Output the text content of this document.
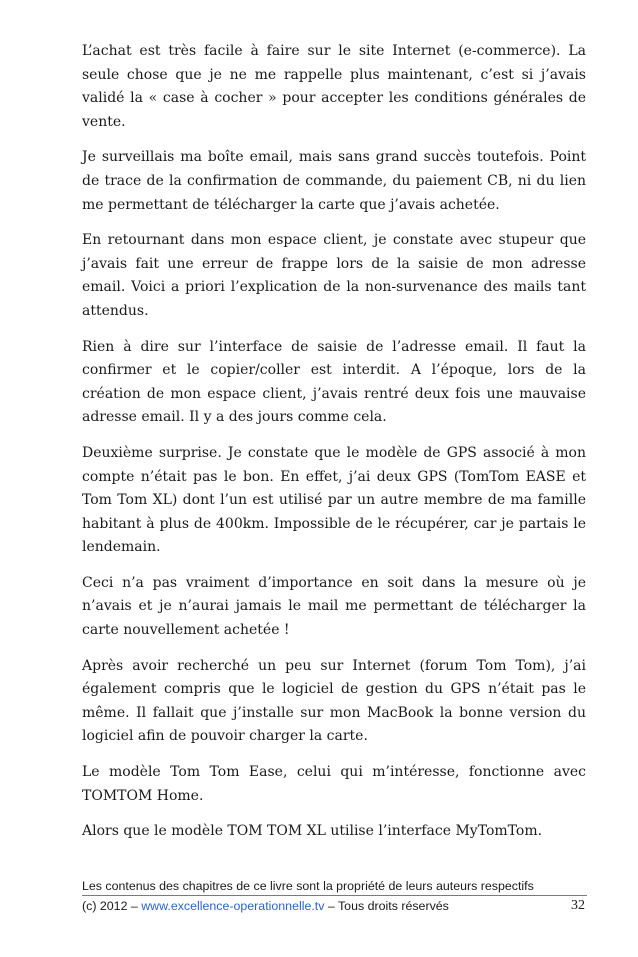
L’achat est très facile à faire sur le site Internet (e-commerce). La seule chose que je ne me rappelle plus maintenant, c’est si j’avais validé la « case à cocher » pour accepter les conditions générales de vente.

Je surveillais ma boîte email, mais sans grand succès toutefois. Point de trace de la confirmation de commande, du paiement CB, ni du lien me permettant de télécharger la carte que j’avais achetée.

En retournant dans mon espace client, je constate avec stupeur que j’avais fait une erreur de frappe lors de la saisie de mon adresse email. Voici a priori l’explication de la non-survenance des mails tant attendus.

Rien à dire sur l’interface de saisie de l’adresse email. Il faut la confirmer et le copier/coller est interdit. A l’époque, lors de la création de mon espace client, j’avais rentré deux fois une mauvaise adresse email. Il y a des jours comme cela.

Deuxième surprise. Je constate que le modèle de GPS associé à mon compte n’était pas le bon. En effet, j’ai deux GPS (TomTom EASE et Tom Tom XL) dont l’un est utilisé par un autre membre de ma famille habitant à plus de 400km. Impossible de le récupérer, car je partais le lendemain.

Ceci n’a pas vraiment d’importance en soit dans la mesure où je n’avais et je n’aurai jamais le mail me permettant de télécharger la carte nouvellement achetée !

Après avoir recherché un peu sur Internet (forum Tom Tom), j’ai également compris que le logiciel de gestion du GPS n’était pas le même. Il fallait que j’installe sur mon MacBook la bonne version du logiciel afin de pouvoir charger la carte.

Le modèle Tom Tom Ease, celui qui m’intéresse, fonctionne avec TOMTOM Home.

Alors que le modèle TOM TOM XL utilise l’interface MyTomTom.

Les contenus des chapitres de ce livre sont la propriété de leurs auteurs respectifs
(c) 2012 – www.excellence-operationnelle.tv – Tous droits réservés	32
